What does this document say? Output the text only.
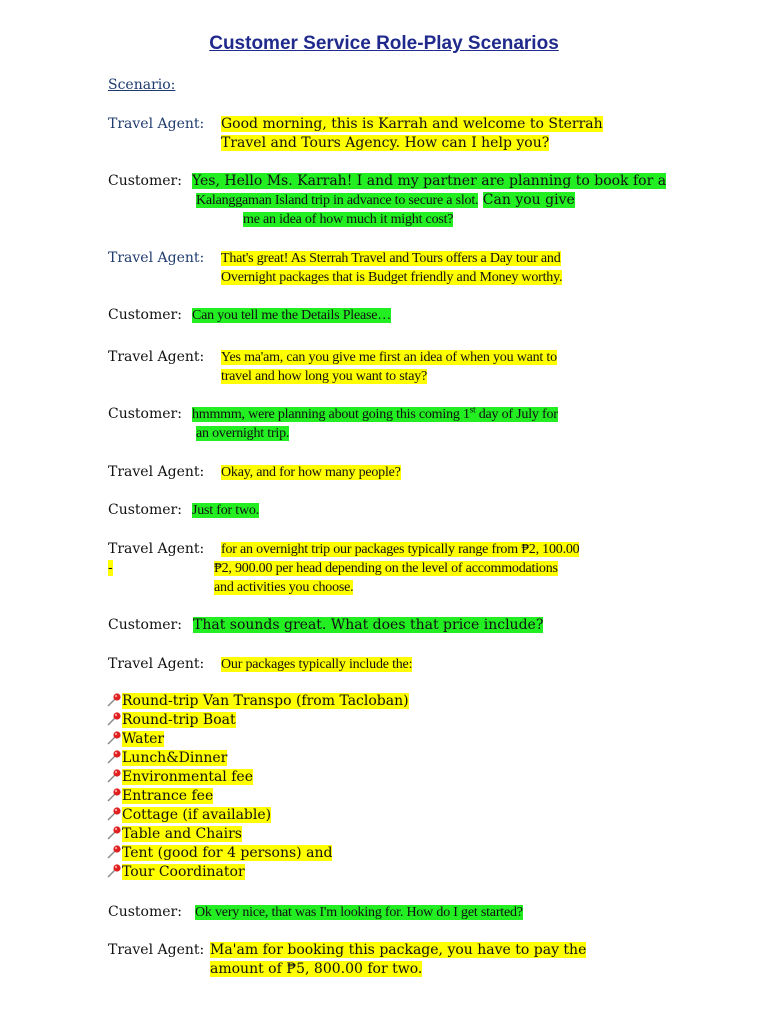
Customer Service Role-Play Scenarios
Scenario:
Travel Agent: Good morning, this is Karrah and welcome to Sterrah
Travel and Tours Agency. How can I help you?
Customer: Yes, Hello Ms. Karrah! I and my partner are planning to book for a
Kalanggaman Island trip in advance to secure a slot. Can you give
me an idea of how much it might cost?
Travel Agent: That's great! As Sterrah Travel and Tours offers a Day tour and
Overnight packages that is Budget friendly and Money worthy.
Customer: Can you tell me the Details Please…
Travel Agent: Yes ma'am, can you give me first an idea of when you want to
travel and how long you want to stay?
Customer: hmmmm, were planning about going this coming 1st day of July for
an overnight trip.
Travel Agent: Okay, and for how many people?
Customer: Just for two.
Travel Agent: for an overnight trip our packages typically range from ₱2, 100.00
-	₱2, 900.00 per head depending on the level of accommodations
and activities you choose.
Customer: That sounds great. What does that price include?
Travel Agent: Our packages typically include the:
Round-trip Van Transpo (from Tacloban)
Round-trip Boat
Water
Lunch&Dinner
Environmental fee
Entrance fee
Cottage (if available)
Table and Chairs
Tent (good for 4 persons) and
Tour Coordinator
Customer: Ok very nice, that was I'm looking for. How do I get started?
Travel Agent: Ma'am for booking this package, you have to pay the
amount of ₱5, 800.00 for two.
